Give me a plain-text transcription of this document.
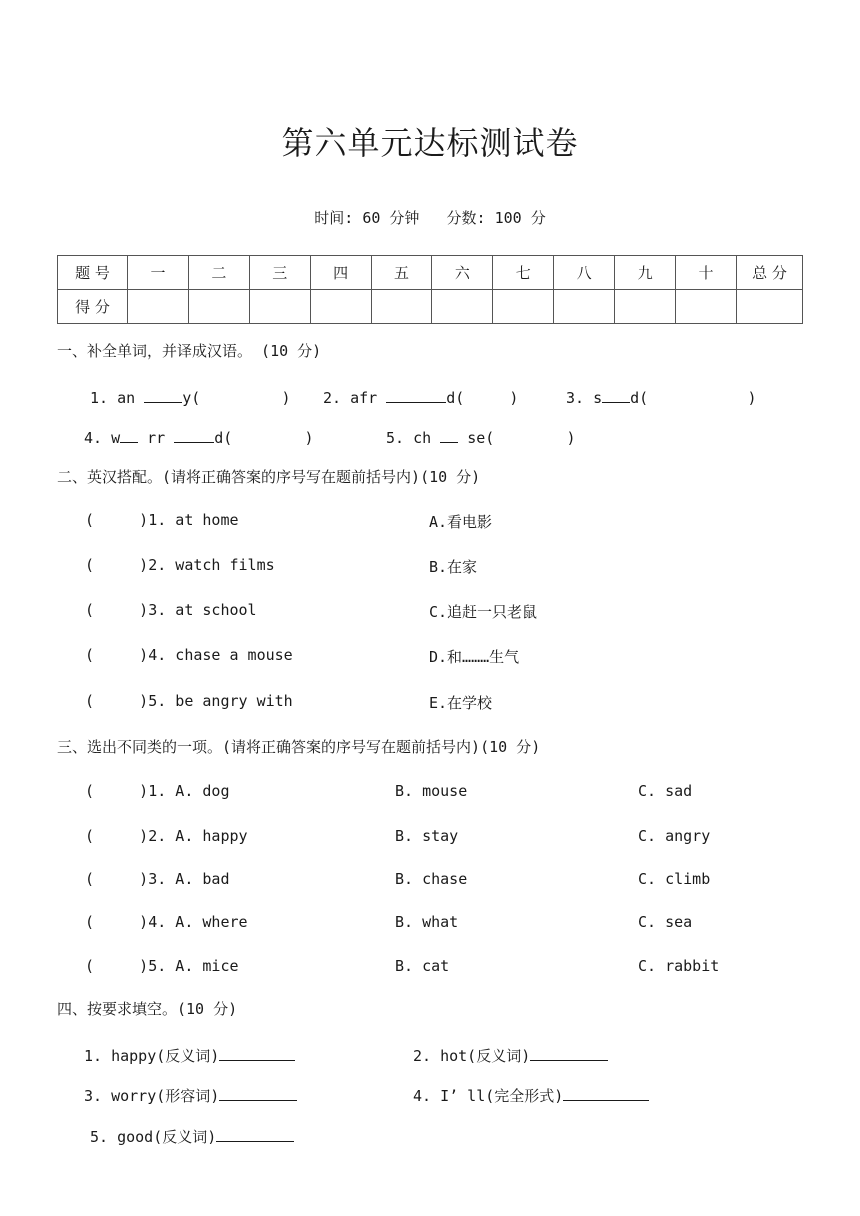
第六单元达标测试卷
时间: 60 分钟   分数: 100 分
题 号	一	二	三	四	五	六	七	八	九	十	总 分
得 分											
一、补全单词，并译成汉语。 (10 分)
1. an	y(         ) 2. afr	d(     )	3. s d(           )
4. w rr	d(        )	5. ch  se(        )
二、英汉搭配。(请将正确答案的序号写在题前括号内)(10 分)
(     )1. at home	A.看电影
(     )2. watch films	B.在家
(     )3. at school	C.追赶一只老鼠
(     )4. chase a mouse	D.和………生气
(     )5. be angry with	E.在学校
三、选出不同类的一项。(请将正确答案的序号写在题前括号内)(10 分)
(     )1. A. dog	B. mouse	C. sad
(     )2. A. happy	B. stay	C. angry
(     )3. A. bad	B. chase	C. climb
(     )4. A. where	B. what	C. sea
(     )5. A. mice	B. cat	C. rabbit
四、按要求填空。(10 分)
1. happy(反义词)	2. hot(反义词)
3. worry(形容词)	4. I’ ll(完全形式)
5. good(反义词)
